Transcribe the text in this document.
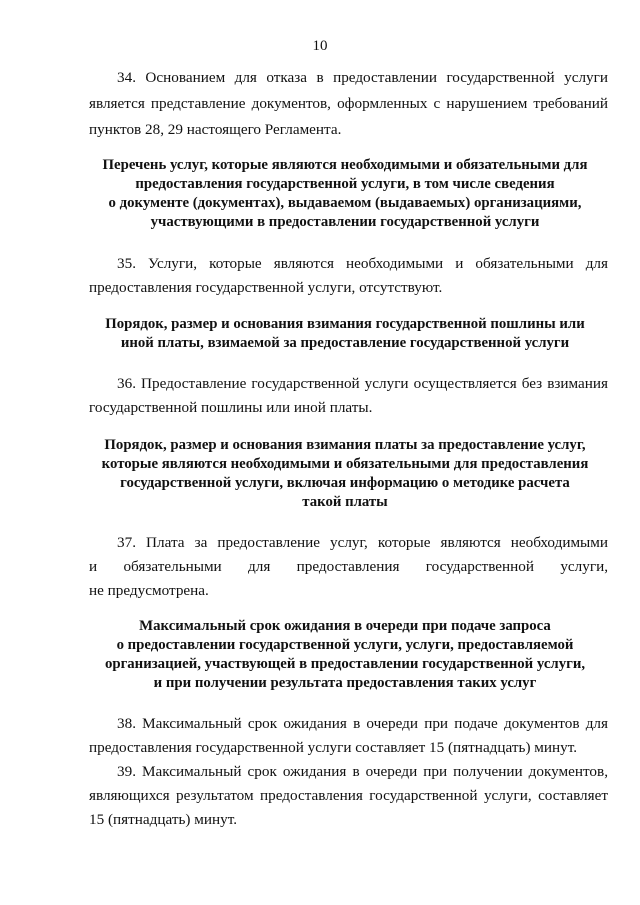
10
34. Основанием для отказа в предоставлении государственной услуги
является представление документов, оформленных с нарушением требований
пунктов 28, 29 настоящего Регламента.
Перечень услуг, которые являются необходимыми и обязательными для
предоставления государственной услуги, в том числе сведения
о документе (документах), выдаваемом (выдаваемых) организациями,
участвующими в предоставлении государственной услуги
35. Услуги, которые являются необходимыми и обязательными для
предоставления государственной услуги, отсутствуют.
Порядок, размер и основания взимания государственной пошлины или
иной платы, взимаемой за предоставление государственной услуги
36. Предоставление государственной услуги осуществляется без взимания
государственной пошлины или иной платы.
Порядок, размер и основания взимания платы за предоставление услуг,
которые являются необходимыми и обязательными для предоставления
государственной услуги, включая информацию о методике расчета
такой платы
37. Плата за предоставление услуг, которые являются необходимыми
и обязательными для предоставления государственной услуги,
не предусмотрена.
Максимальный срок ожидания в очереди при подаче запроса
о предоставлении государственной услуги, услуги, предоставляемой
организацией, участвующей в предоставлении государственной услуги,
и при получении результата предоставления таких услуг
38. Максимальный срок ожидания в очереди при подаче документов для
предоставления государственной услуги составляет 15 (пятнадцать) минут.
39. Максимальный срок ожидания в очереди при получении документов,
являющихся результатом предоставления государственной услуги, составляет
15 (пятнадцать) минут.
